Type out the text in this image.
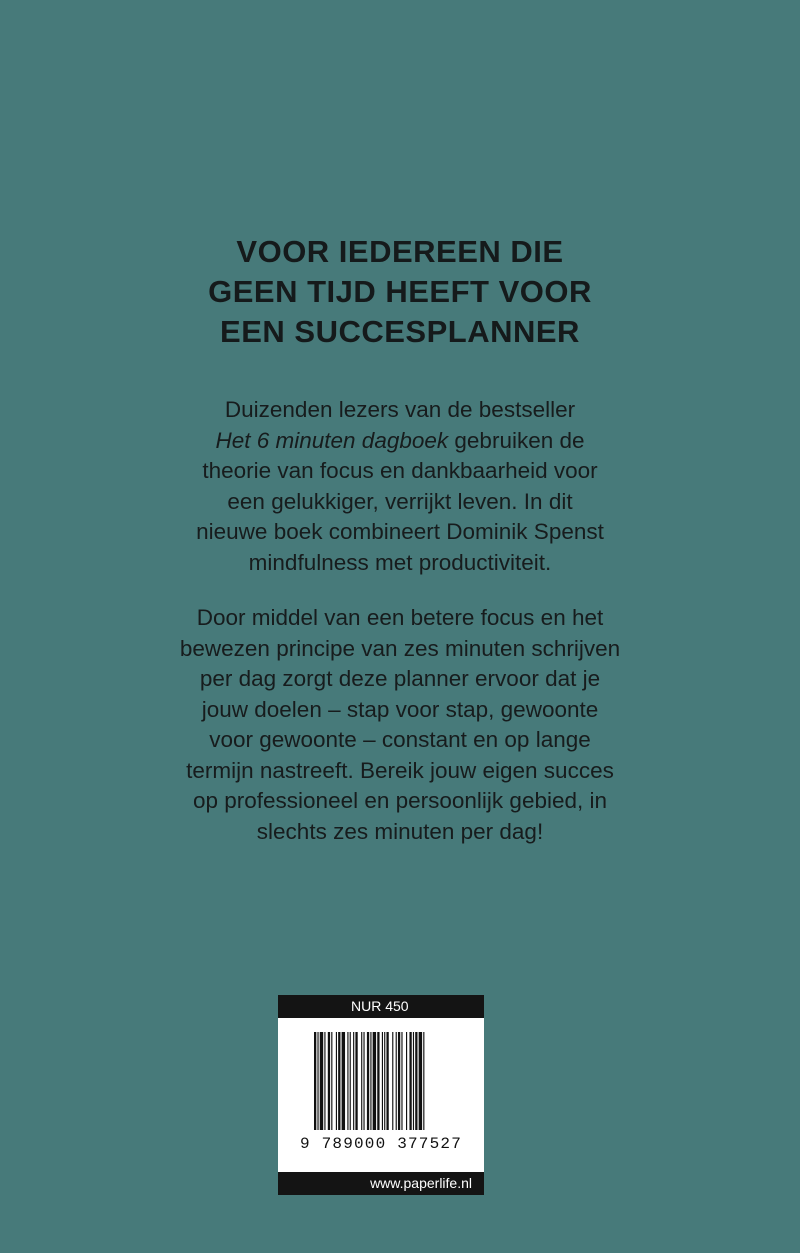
VOOR IEDEREEN DIE
GEEN TIJD HEEFT VOOR
EEN SUCCESPLANNER
Duizenden lezers van de bestseller
Het 6 minuten dagboek gebruiken de
theorie van focus en dankbaarheid voor
een gelukkiger, verrijkt leven. In dit
nieuwe boek combineert Dominik Spenst
mindfulness met productiviteit.
Door middel van een betere focus en het
bewezen principe van zes minuten schrijven
per dag zorgt deze planner ervoor dat je
jouw doelen – stap voor stap, gewoonte
voor gewoonte – constant en op lange
termijn nastreeft. Bereik jouw eigen succes
op professioneel en persoonlijk gebied, in
slechts zes minuten per dag!
NUR 450
9 789000 377527
www.paperlife.nl
